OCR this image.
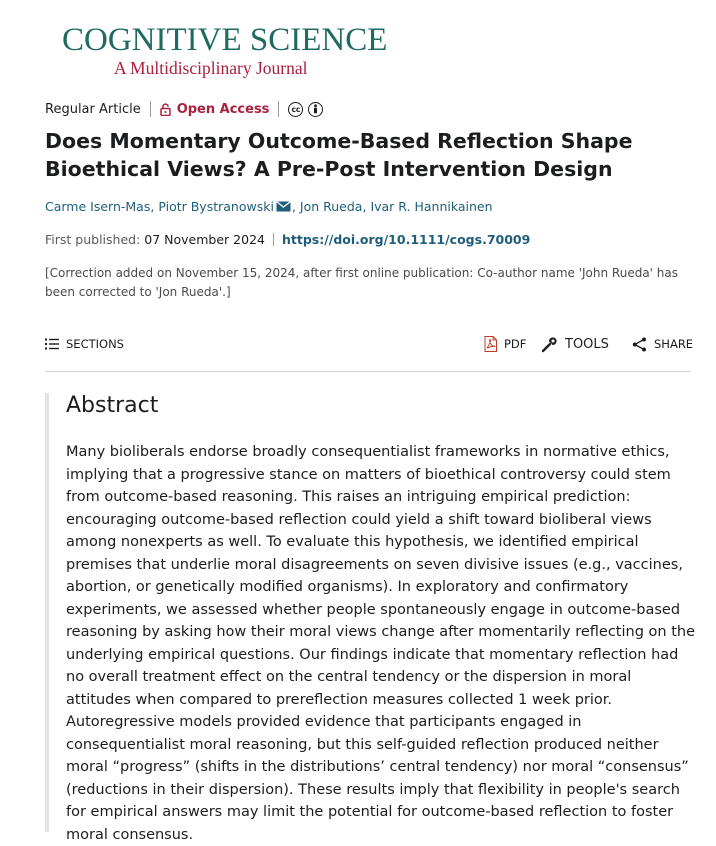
COGNITIVE SCIENCE
A Multidisciplinary Journal
Regular Article	Open Access	cc
Does Momentary Outcome-Based Reflection Shape Bioethical Views? A Pre-Post Intervention Design
Carme Isern-Mas ,
Piotr Bystranowski ,
Jon Rueda ,
Ivar R. Hannikainen
First published:
07 November 2024 https://doi.org/10.1111/cogs.70009

[Correction added on November 15, 2024, after first online publication: Co-author name 'John Rueda' has been corrected to 'Jon Rueda'.]

SECTIONS	PDF	TOOLS	SHARE
Abstract

Many bioliberals endorse broadly consequentialist frameworks in normative ethics, implying that a progressive stance on matters of bioethical controversy could stem from outcome-based reasoning. This raises an intriguing empirical prediction: encouraging outcome-based reflection could yield a shift toward bioliberal views among nonexperts as well. To evaluate this hypothesis, we identified empirical premises that underlie moral disagreements on seven divisive issues (e.g., vaccines, abortion, or genetically modified organisms). In exploratory and confirmatory experiments, we assessed whether people spontaneously engage in outcome-based reasoning by asking how their moral views change after momentarily reflecting on the underlying empirical questions. Our findings indicate that momentary reflection had no overall treatment effect on the central tendency or the dispersion in moral attitudes when compared to prereflection measures collected 1 week prior. Autoregressive models provided evidence that participants engaged in consequentialist moral reasoning, but this self-guided reflection produced neither moral “progress” (shifts in the distributions’ central tendency) nor moral “consensus” (reductions in their dispersion). These results imply that flexibility in people's search for empirical answers may limit the potential for outcome-based reflection to foster moral consensus.
